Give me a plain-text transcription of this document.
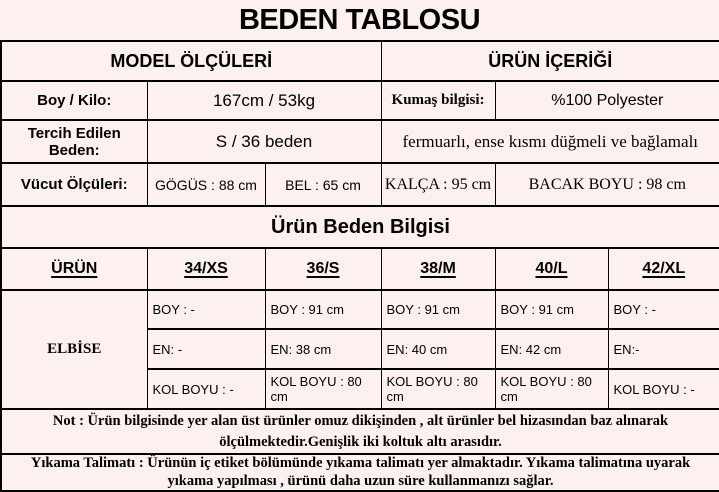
BEDEN TABLOSU
MODEL ÖLÇÜLERİ			ÜRÜN İÇERİĞİ		
Boy / Kilo:	167cm / 53kg		Kumaş bilgisi:	%100 Polyester	
Tercih Edilen Beden:	S / 36 beden		fermuarlı, ense kısmı düğmeli ve bağlamalı		
Vücut Ölçüleri:	GÖGÜS : 88 cm	BEL : 65 cm	KALÇA : 95 cm	BACAK BOYU : 98 cm	
Ürün Beden Bilgisi					
ÜRÜN	34/XS	36/S	38/M	40/L	42/XL
ELBİSE	BOY : -	BOY : 91 cm	BOY : 91 cm	BOY : 91 cm	BOY : -
	EN: -	EN: 38 cm	EN: 40 cm	EN: 42 cm	EN:-
	KOL BOYU : -	KOL BOYU : 80 cm	KOL BOYU : 80 cm	KOL BOYU : 80 cm	KOL BOYU : -
Not : Ürün bilgisinde yer alan üst ürünler omuz dikişinden , alt ürünler bel hizasından baz alınarak ölçülmektedir.Genişlik iki koltuk altı arasıdır.					
Yıkama Talimatı : Ürünün iç etiket bölümünde yıkama talimatı yer almaktadır. Yıkama talimatına uyarak yıkama yapılması , ürünü daha uzun süre kullanmanızı sağlar.					
